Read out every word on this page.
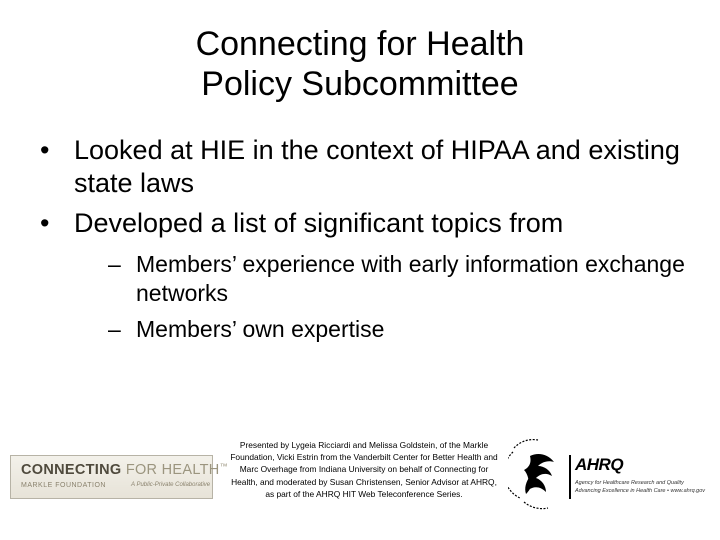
Connecting for Health
Policy Subcommittee
• Looked at HIE in the context of HIPAA and existing state laws
• Developed a list of significant topics from
– Members’ experience with early information exchange networks
– Members’ own expertise
CONNECTING FOR HEALTH™
MARKLE FOUNDATION	A Public-Private Collaborative
Presented by Lygeia Ricciardi and Melissa Goldstein, of the Markle Foundation, Vicki Estrin from the Vanderbilt Center for Better Health and Marc Overhage from Indiana University on behalf of Connecting for Health, and moderated by Susan Christensen, Senior Advisor at AHRQ, as part of the AHRQ HIT Web Teleconference Series.
AHRQ
Agency for Healthcare Research and Quality
Advancing Excellence in Health Care • www.ahrq.gov
